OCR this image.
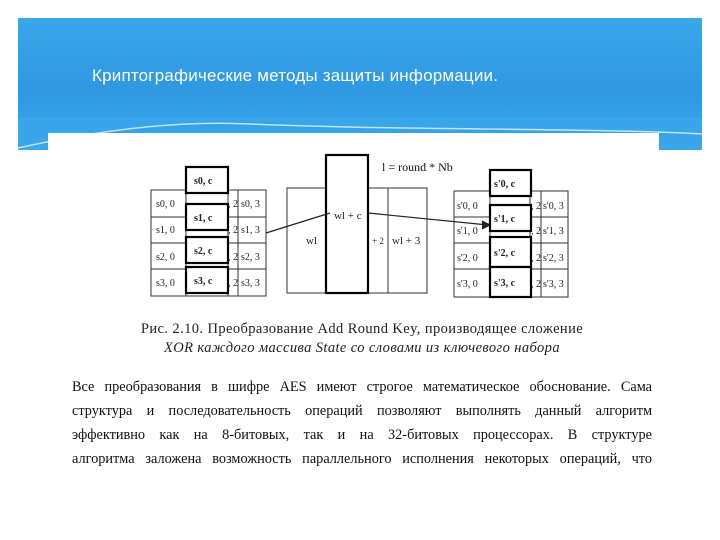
Криптографические методы защиты информации.
s0, 0
s1, 0
s2, 0
s3, 0
s0, c
s1, c
s2, c
s3, c
, 2
, 2
, 2
, 2
s0, 3
s1, 3
s2, 3
s3, 3
l = round * Nb
wl
wl + c
+ 2 wl + 3
s'0, 0
s'1, 0
s'2, 0
s'3, 0
s'0, c
s'1, c
s'2, c
s'3, c
, 2
, 2
, 2
, 2
s'0, 3
s'1, 3
s'2, 3
s'3, 3
Рис. 2.10. Преобразование Add Round Key, производящее сложение
XOR каждого массива State со словами из ключевого набора
Все преобразования в шифре AES имеют строгое математическое обоснование. Сама
структура и последовательность операций позволяют выполнять данный алгоритм
эффективно как на 8-битовых, так и на 32-битовых процессорах. В структуре
алгоритма заложена возможность параллельного исполнения некоторых операций, что
